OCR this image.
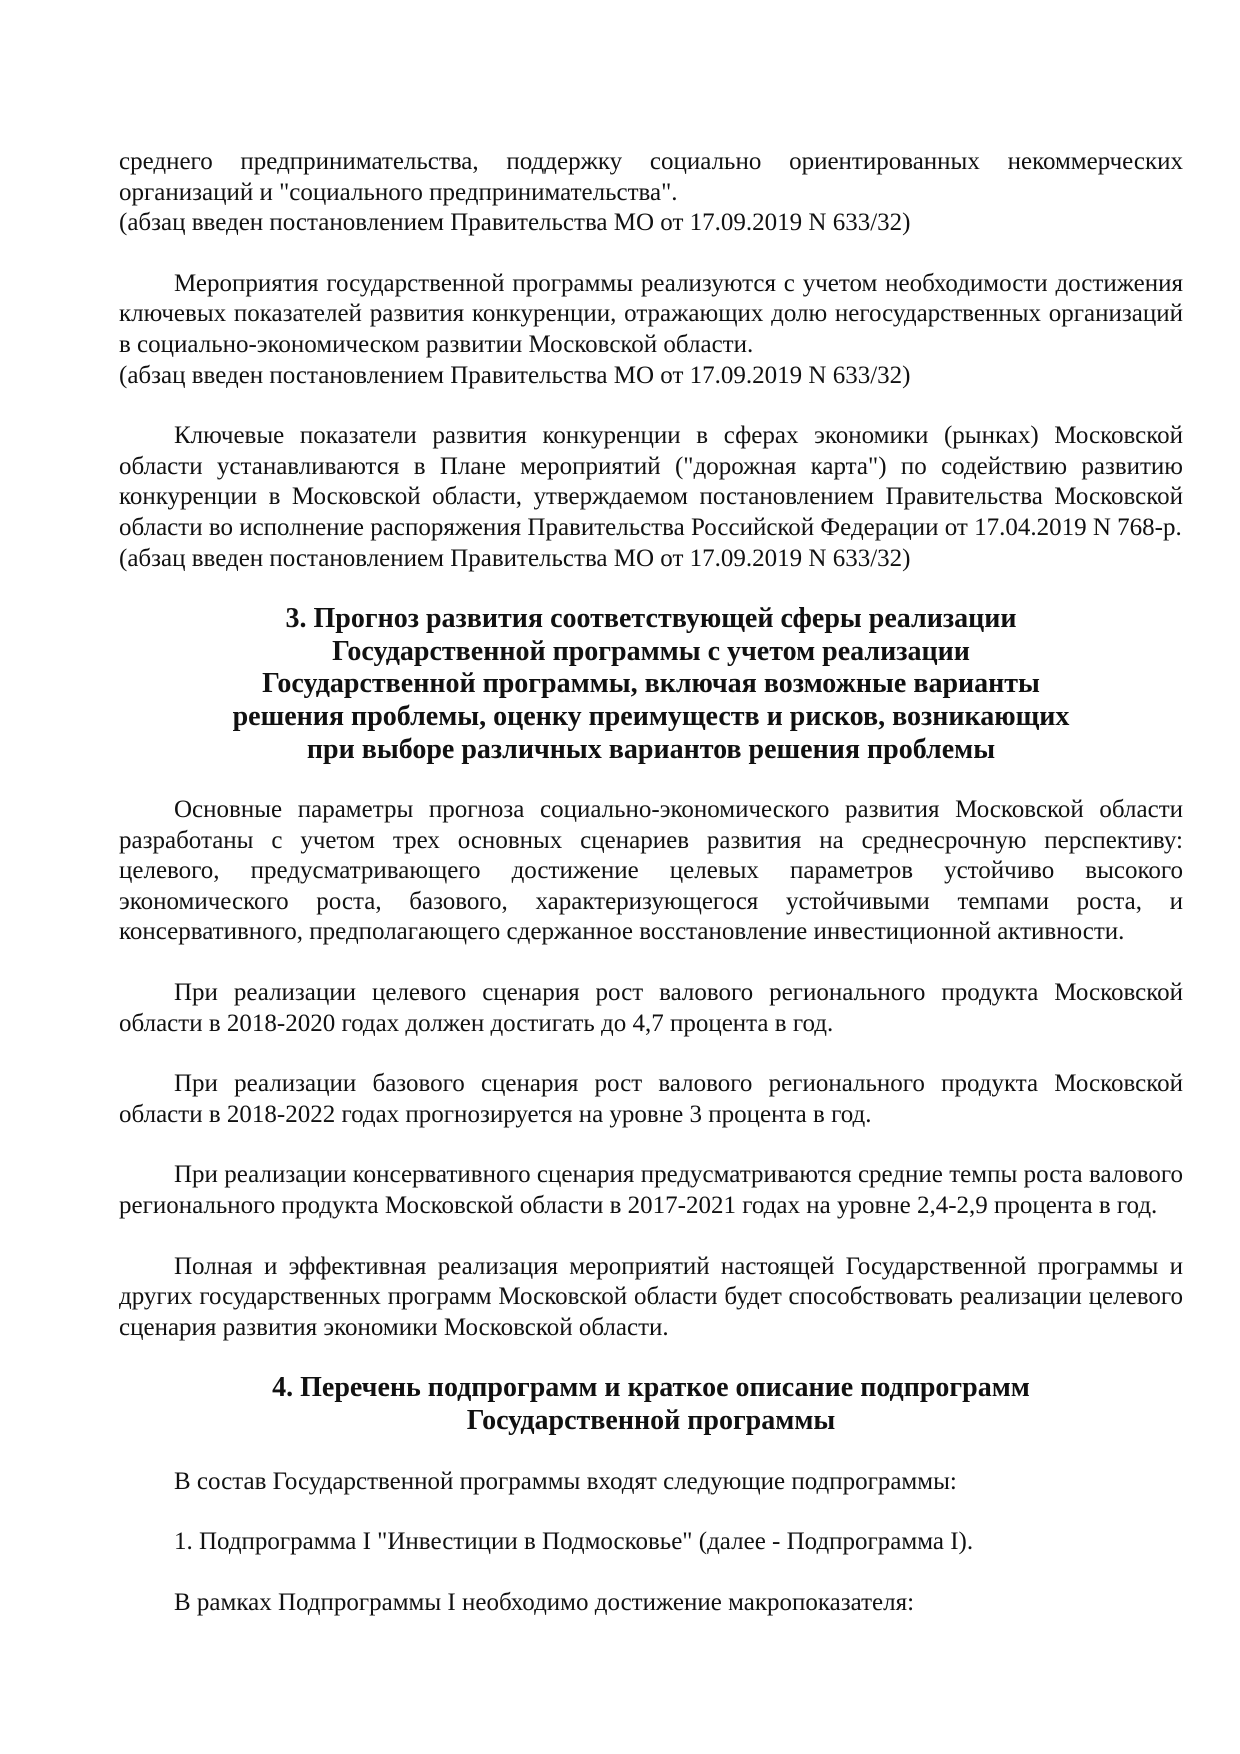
среднего предпринимательства, поддержку социально ориентированных некоммерческих организаций и "социального предпринимательства".

(абзац введен постановлением Правительства МО от 17.09.2019 N 633/32)

Мероприятия государственной программы реализуются с учетом необходимости достижения ключевых показателей развития конкуренции, отражающих долю негосударственных организаций в социально-экономическом развитии Московской области.

(абзац введен постановлением Правительства МО от 17.09.2019 N 633/32)

Ключевые показатели развития конкуренции в сферах экономики (рынках) Московской области устанавливаются в Плане мероприятий ("дорожная карта") по содействию развитию конкуренции в Московской области, утверждаемом постановлением Правительства Московской области во исполнение распоряжения Правительства Российской Федерации от 17.04.2019 N 768-р.

(абзац введен постановлением Правительства МО от 17.09.2019 N 633/32)

3. Прогноз развития соответствующей сферы реализации
Государственной программы с учетом реализации
Государственной программы, включая возможные варианты
решения проблемы, оценку преимуществ и рисков, возникающих
при выборе различных вариантов решения проблемы

Основные параметры прогноза социально-экономического развития Московской области разработаны с учетом трех основных сценариев развития на среднесрочную перспективу: целевого, предусматривающего достижение целевых параметров устойчиво высокого экономического роста, базового, характеризующегося устойчивыми темпами роста, и консервативного, предполагающего сдержанное восстановление инвестиционной активности.

При реализации целевого сценария рост валового регионального продукта Московской области в 2018-2020 годах должен достигать до 4,7 процента в год.

При реализации базового сценария рост валового регионального продукта Московской области в 2018-2022 годах прогнозируется на уровне 3 процента в год.

При реализации консервативного сценария предусматриваются средние темпы роста валового регионального продукта Московской области в 2017-2021 годах на уровне 2,4-2,9 процента в год.

Полная и эффективная реализация мероприятий настоящей Государственной программы и других государственных программ Московской области будет способствовать реализации целевого сценария развития экономики Московской области.

4. Перечень подпрограмм и краткое описание подпрограмм
Государственной программы

В состав Государственной программы входят следующие подпрограммы:

1. Подпрограмма I "Инвестиции в Подмосковье" (далее - Подпрограмма I).

В рамках Подпрограммы I необходимо достижение макропоказателя:
